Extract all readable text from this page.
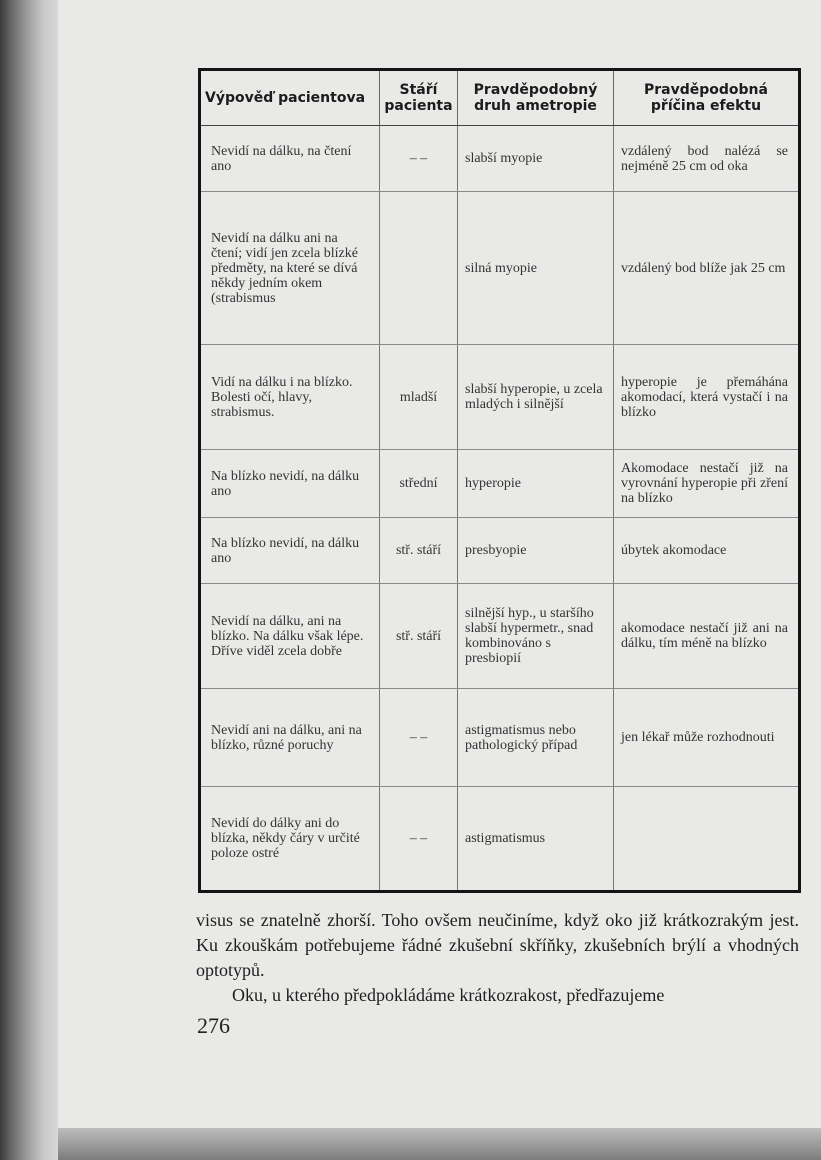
Výpověď pacientova	Stáří pacienta	Pravděpodobný druh ametropie	Pravděpodobná příčina efektu
Nevidí na dálku, na čtení ano	– –	slabší myopie	vzdálený bod nalézá se nejméně 25 cm od oka
Nevidí na dálku ani na čtení; vidí jen zcela blízké předměty, na které se dívá někdy jedním okem (strabismus		silná myopie	vzdálený bod blíže jak 25 cm
Vidí na dálku i na blízko. Bolesti očí, hlavy, strabismus.	mladší	slabší hyperopie, u zcela mladých i silnější	hyperopie je přemáhána akomodací, která vystačí i na blízko
Na blízko nevidí, na dálku ano	střední	hyperopie	Akomodace nestačí již na vyrovnání hyperopie při zření na blízko
Na blízko nevidí, na dálku ano	stř. stáří	presbyopie	úbytek akomodace
Nevidí na dálku, ani na blízko. Na dálku však lépe. Dříve viděl zcela dobře	stř. stáří	silnější hyp., u staršího slabší hypermetr., snad kombinováno s presbiopií	akomodace nestačí již ani na dálku, tím méně na blízko
Nevidí ani na dálku, ani na blízko, různé poruchy	– –	astigmatismus nebo pathologický případ	jen lékař může rozhodnouti
Nevidí do dálky ani do blízka, někdy čáry v určité poloze ostré	– –	astigmatismus	

visus se znatelně zhorší. Toho ovšem neučiníme, když oko již krátkozrakým jest. Ku zkouškám potřebujeme řádné zkušební skříňky, zkušebních brýlí a vhodných optotypů.

Oku, u kterého předpokládáme krátkozrakost, předřazujeme

276
